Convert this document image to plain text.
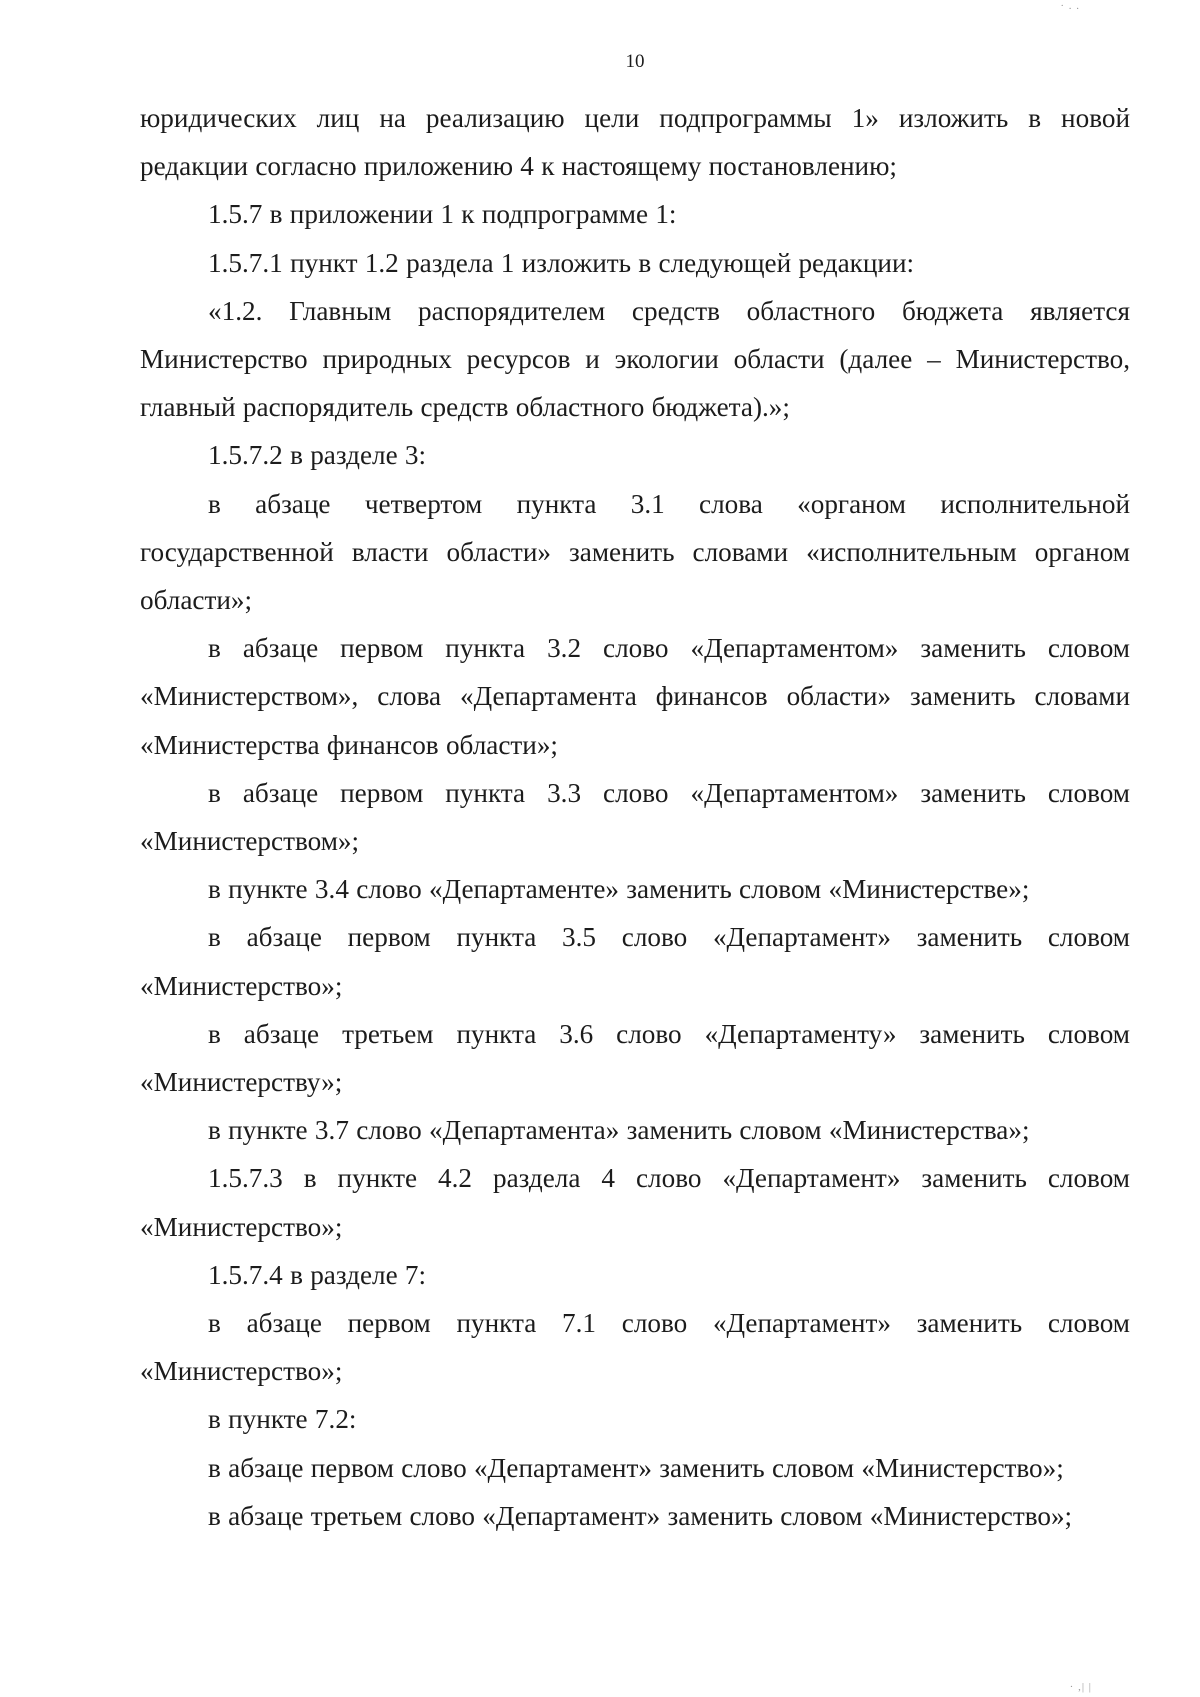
· . .
10

юридических лиц на реализацию цели подпрограммы 1» изложить в новой редакции согласно приложению 4 к настоящему постановлению;

1.5.7 в приложении 1 к подпрограмме 1:

1.5.7.1 пункт 1.2 раздела 1 изложить в следующей редакции:

«1.2. Главным распорядителем средств областного бюджета является Министерство природных ресурсов и экологии области (далее – Министерство, главный распорядитель средств областного бюджета).»;

1.5.7.2 в разделе 3:

в абзаце четвертом пункта 3.1 слова «органом исполнительной государственной власти области» заменить словами «исполнительным органом области»;

в абзаце первом пункта 3.2 слово «Департаментом» заменить словом «Министерством», слова «Департамента финансов области» заменить словами «Министерства финансов области»;

в абзаце первом пункта 3.3 слово «Департаментом» заменить словом «Министерством»;

в пункте 3.4 слово «Департаменте» заменить словом «Министерстве»;

в абзаце первом пункта 3.5 слово «Департамент» заменить словом «Министерство»;

в абзаце третьем пункта 3.6 слово «Департаменту» заменить словом «Министерству»;

в пункте 3.7 слово «Департамента» заменить словом «Министерства»;

1.5.7.3 в пункте 4.2 раздела 4 слово «Департамент» заменить словом «Министерство»;

1.5.7.4 в разделе 7:

в абзаце первом пункта 7.1 слово «Департамент» заменить словом «Министерство»;

в пункте 7.2:

в абзаце первом слово «Департамент» заменить словом «Министерство»;

в абзаце третьем слово «Департамент» заменить словом «Министерство»;

· ,| |
